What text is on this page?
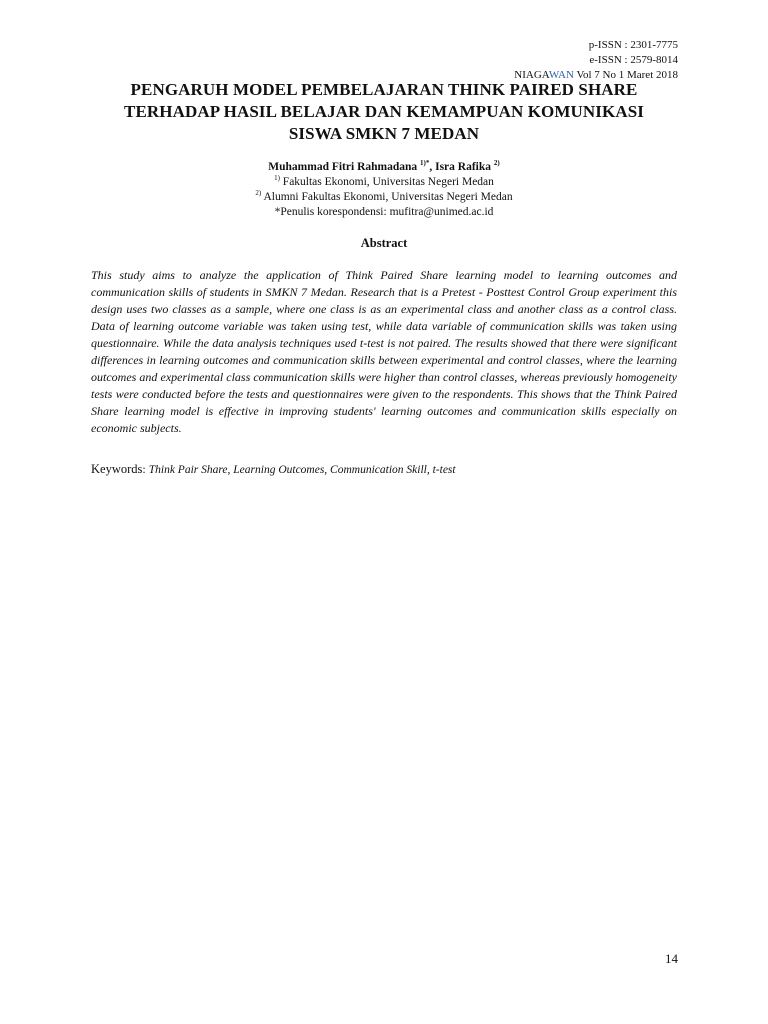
p-ISSN : 2301-7775
e-ISSN : 2579-8014
NIAGAWAN Vol 7 No 1 Maret 2018
PENGARUH MODEL PEMBELAJARAN THINK PAIRED SHARE
TERHADAP HASIL BELAJAR DAN KEMAMPUAN KOMUNIKASI
SISWA SMKN 7 MEDAN
Muhammad Fitri Rahmadana $^{1)*}$, Isra Rafika $^{2)}$
$^{1)}$ Fakultas Ekonomi, Universitas Negeri Medan
$^{2)}$ Alumni Fakultas Ekonomi, Universitas Negeri Medan
*Penulis korespondensi: mufitra@unimed.ac.id
Abstract
This study aims to analyze the application of Think Paired Share learning model to learning outcomes and communication skills of students in SMKN 7 Medan. Research that is a Pretest - Posttest Control Group experiment this design uses two classes as a sample, where one class is as an experimental class and another class as a control class. Data of learning outcome variable was taken using test, while data variable of communication skills was taken using questionnaire. While the data analysis techniques used t-test is not paired. The results showed that there were significant differences in learning outcomes and communication skills between experimental and control classes, where the learning outcomes and experimental class communication skills were higher than control classes, whereas previously homogeneity tests were conducted before the tests and questionnaires were given to the respondents. This shows that the Think Paired Share learning model is effective in improving students' learning outcomes and communication skills especially on economic subjects.
Keywords: Think Pair Share, Learning Outcomes, Communication Skill, t-test
14
